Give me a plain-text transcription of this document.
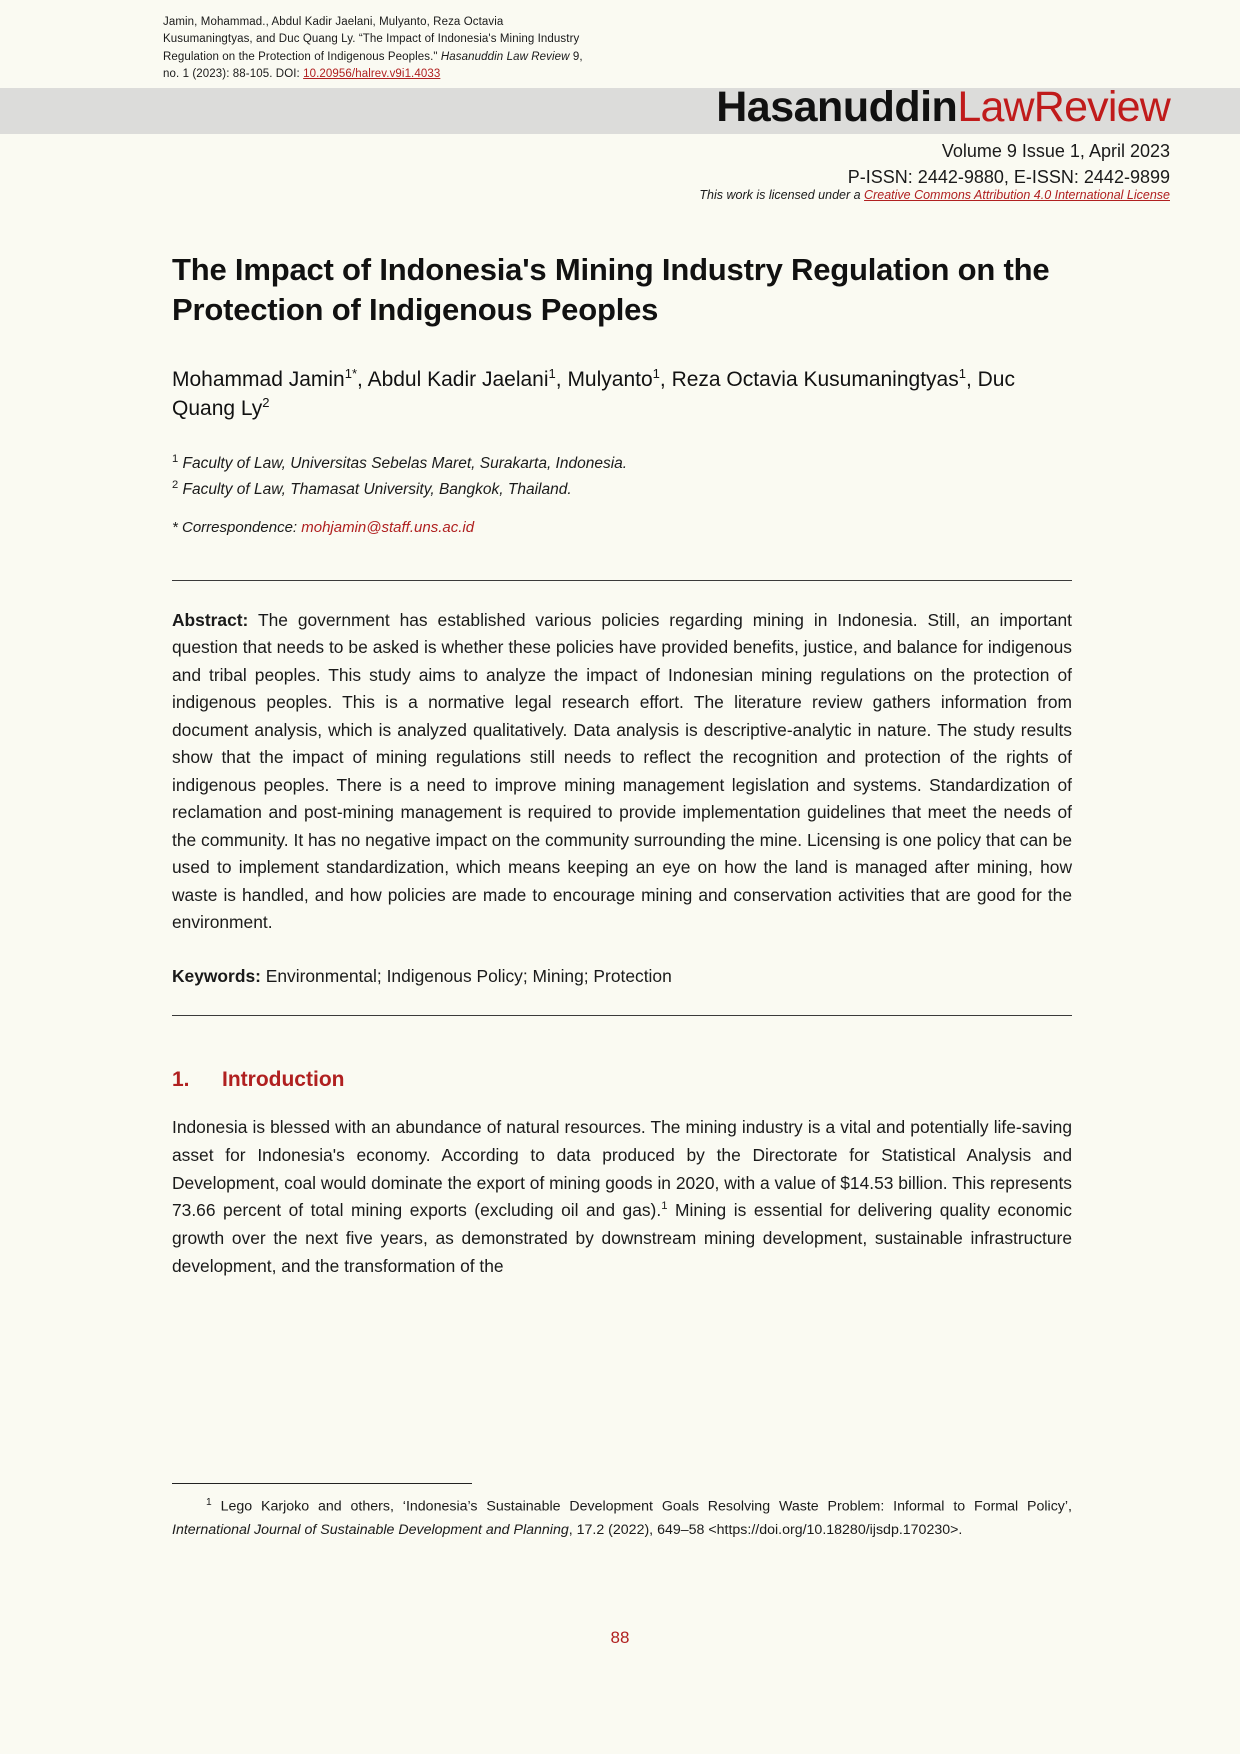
Jamin, Mohammad., Abdul Kadir Jaelani, Mulyanto, Reza Octavia
Kusumaningtyas, and Duc Quang Ly. “The Impact of Indonesia's Mining Industry
Regulation on the Protection of Indigenous Peoples." Hasanuddin Law Review 9,
no. 1 (2023): 88-105. DOI: 10.20956/halrev.v9i1.4033
HasanuddinLawReview
Volume 9 Issue 1, April 2023
P-ISSN: 2442-9880, E-ISSN: 2442-9899
This work is licensed under a Creative Commons Attribution 4.0 International License
The Impact of Indonesia's Mining Industry Regulation on the Protection of Indigenous Peoples
Mohammad Jamin$^{1*}$, Abdul Kadir Jaelani$^1$, Mulyanto$^1$, Reza Octavia Kusumaningtyas$^1$, Duc Quang Ly$^2$
$^1$ Faculty of Law, Universitas Sebelas Maret, Surakarta, Indonesia.
$^2$ Faculty of Law, Thamasat University, Bangkok, Thailand.
* Correspondence: mohjamin@staff.uns.ac.id
Abstract: The government has established various policies regarding mining in Indonesia. Still, an important question that needs to be asked is whether these policies have provided benefits, justice, and balance for indigenous and tribal peoples. This study aims to analyze the impact of Indonesian mining regulations on the protection of indigenous peoples. This is a normative legal research effort. The literature review gathers information from document analysis, which is analyzed qualitatively. Data analysis is descriptive-analytic in nature. The study results show that the impact of mining regulations still needs to reflect the recognition and protection of the rights of indigenous peoples. There is a need to improve mining management legislation and systems. Standardization of reclamation and post-mining management is required to provide implementation guidelines that meet the needs of the community. It has no negative impact on the community surrounding the mine. Licensing is one policy that can be used to implement standardization, which means keeping an eye on how the land is managed after mining, how waste is handled, and how policies are made to encourage mining and conservation activities that are good for the environment.
Keywords: Environmental; Indigenous Policy; Mining; Protection
1.	Introduction
Indonesia is blessed with an abundance of natural resources. The mining industry is a vital and potentially life-saving asset for Indonesia's economy. According to data produced by the Directorate for Statistical Analysis and Development, coal would dominate the export of mining goods in 2020, with a value of $14.53 billion. This represents 73.66 percent of total mining exports (excluding oil and gas).$^1$ Mining is essential for delivering quality economic growth over the next five years, as demonstrated by downstream mining development, sustainable infrastructure development, and the transformation of the
$^1$ Lego Karjoko and others, ‘Indonesia’s Sustainable Development Goals Resolving Waste Problem: Informal to Formal Policy’, International Journal of Sustainable Development and Planning, 17.2 (2022), 649–58 <https://doi.org/10.18280/ijsdp.170230>.
88
